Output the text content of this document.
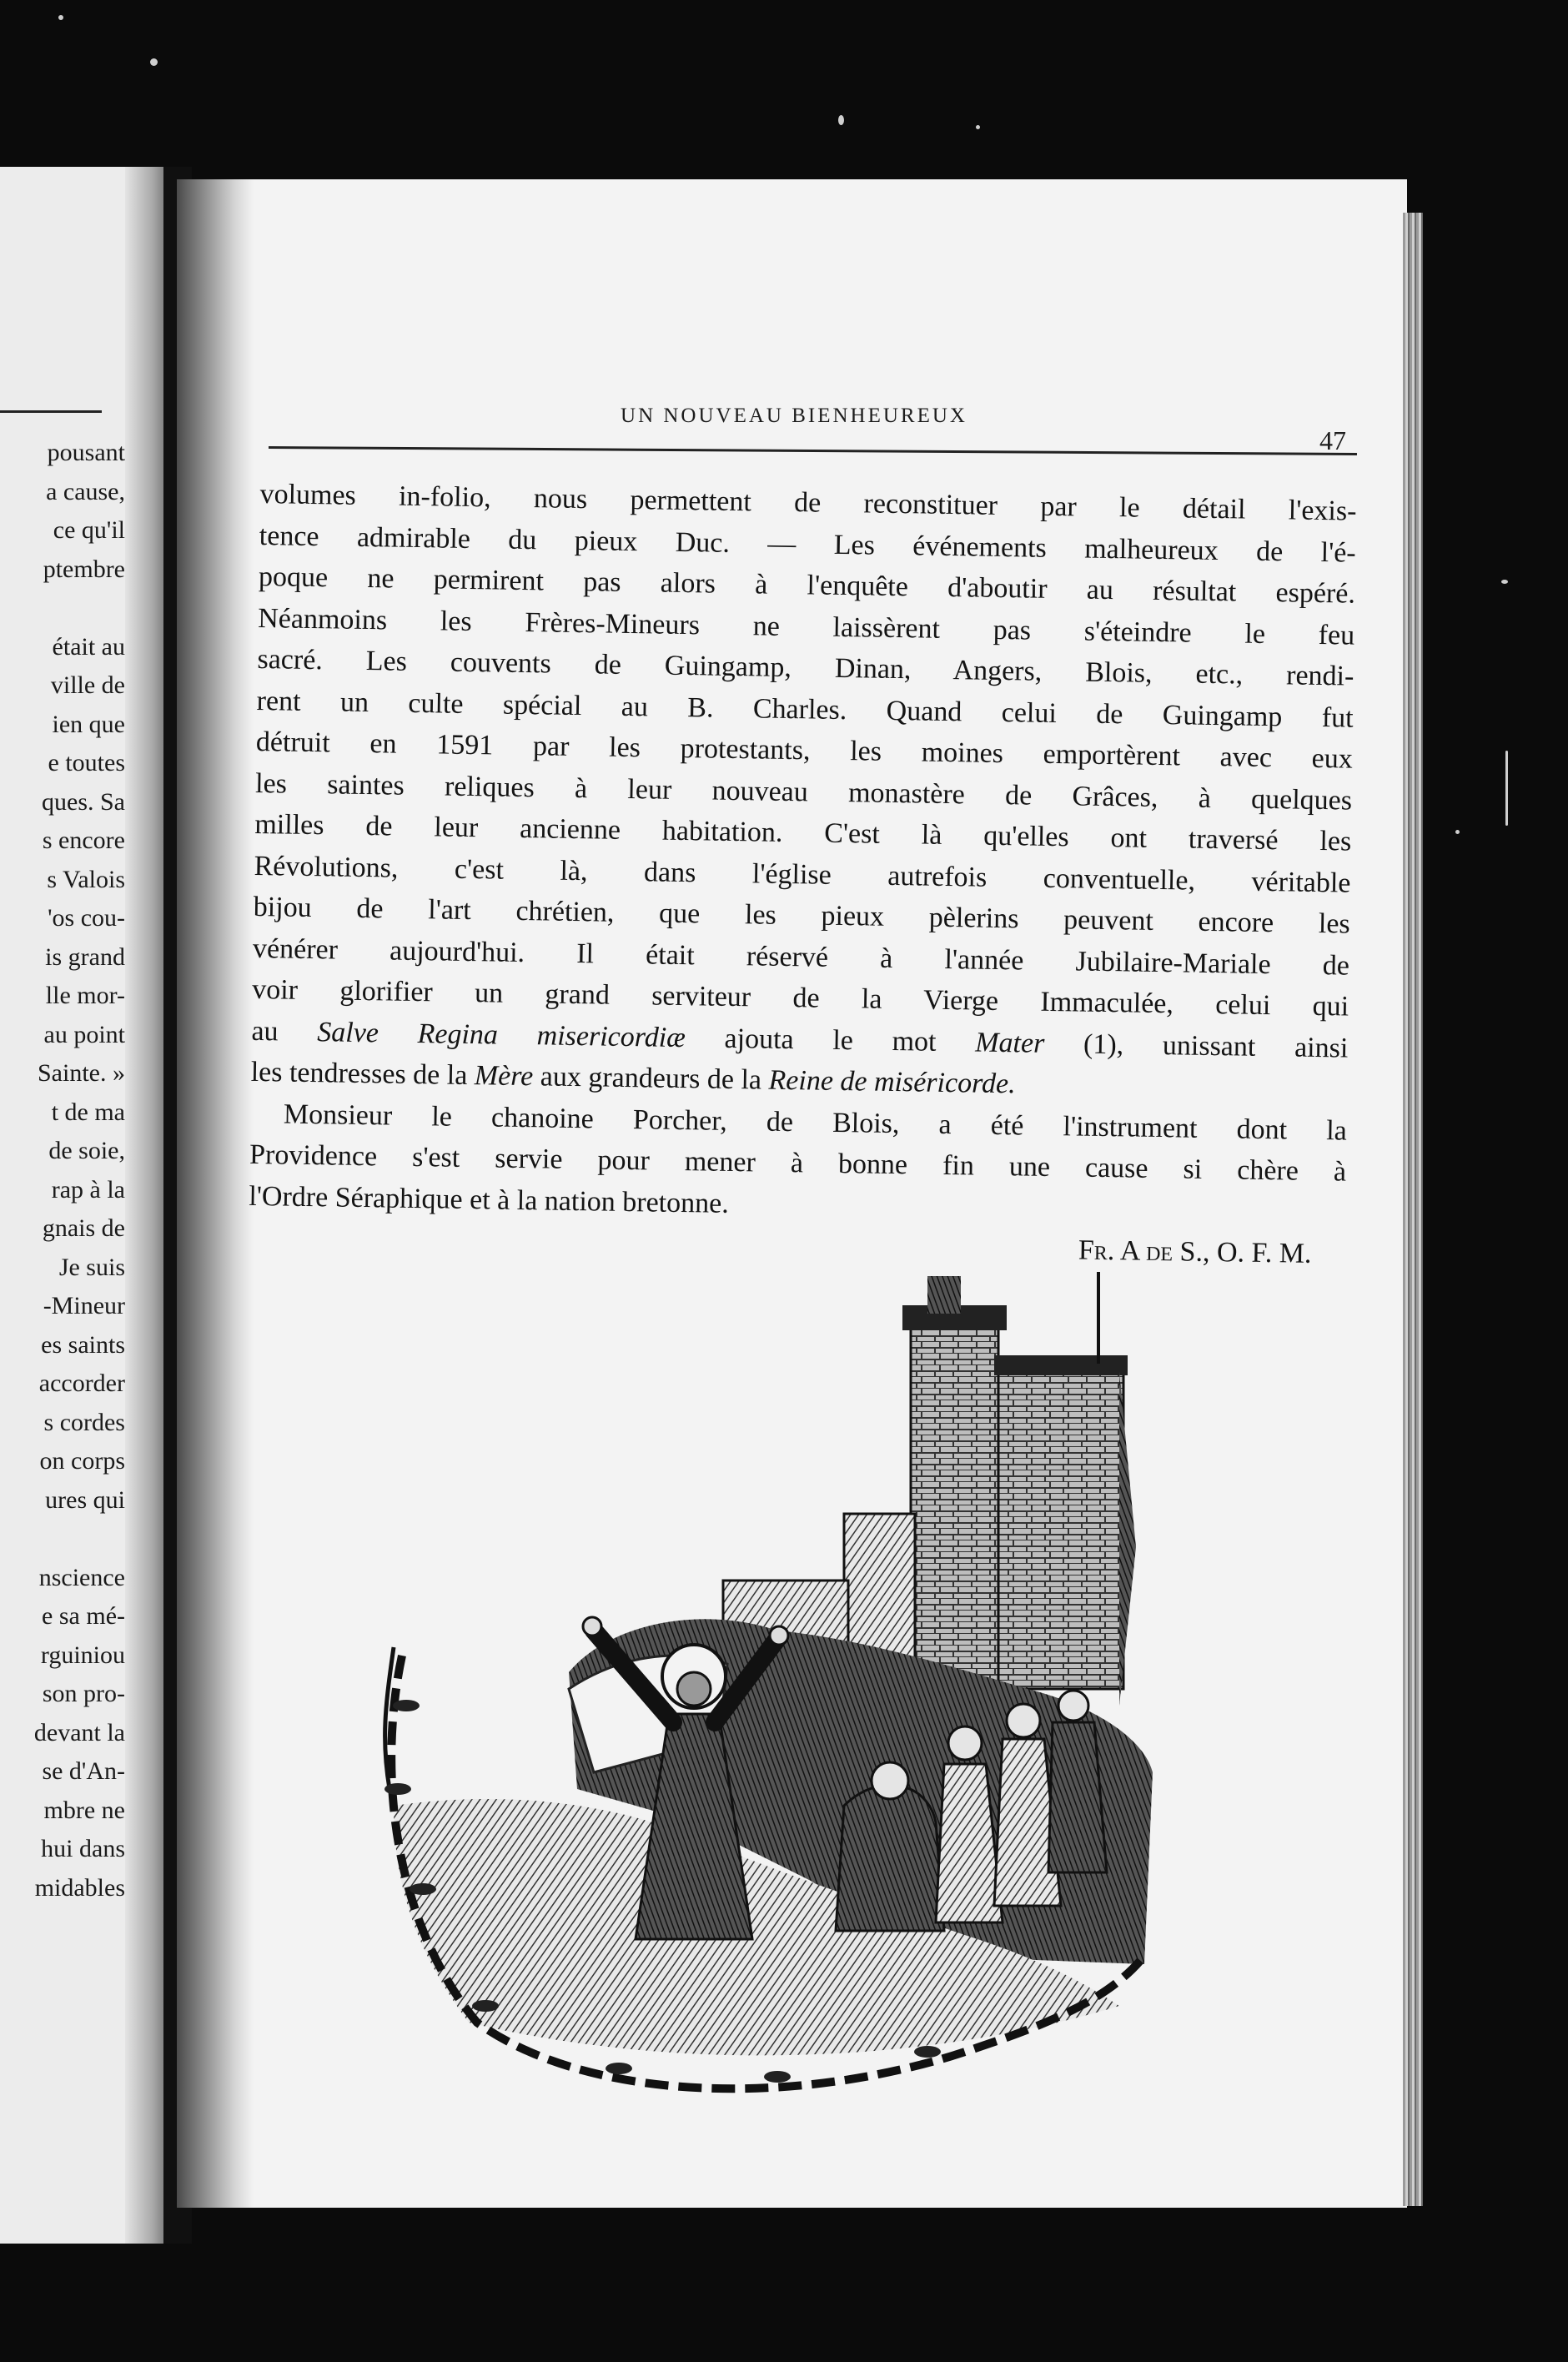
pousant
a cause,
ce qu'il
ptembre
était au
ville de
ien que
e toutes
ques. Sa
s encore
s Valois
'os cou-
is grand
lle mor-
au point
Sainte. »
t de ma
de soie,
rap à la
gnais de
Je suis
-Mineur
es saints
accorder
s cordes
on corps
ures qui
nscience
e sa mé-
rguiniou
son pro-
devant la
se d'An-
mbre ne
hui dans
midables
UN NOUVEAU BIENHEUREUX
47
volumes in-folio, nous permettent de reconstituer par le détail l'exis-
tence admirable du pieux Duc. — Les événements malheureux de l'é-
poque ne permirent pas alors à l'enquête d'aboutir au résultat espéré.
Néanmoins les Frères-Mineurs ne laissèrent pas s'éteindre le feu
sacré. Les couvents de Guingamp, Dinan, Angers, Blois, etc., rendi-
rent un culte spécial au B. Charles. Quand celui de Guingamp fut
détruit en 1591 par les protestants, les moines emportèrent avec eux
les saintes reliques à leur nouveau monastère de Grâces, à quelques
milles de leur ancienne habitation. C'est là qu'elles ont traversé les
Révolutions, c'est là, dans l'église autrefois conventuelle, véritable
bijou de l'art chrétien, que les pieux pèlerins peuvent encore les
vénérer aujourd'hui. Il était réservé à l'année Jubilaire-Mariale de
voir glorifier un grand serviteur de la Vierge Immaculée, celui qui
au Salve Regina misericordiæ ajouta le mot Mater (1), unissant ainsi
les tendresses de la Mère aux grandeurs de la Reine de miséricorde.
Monsieur le chanoine Porcher, de Blois, a été l'instrument dont la
Providence s'est servie pour mener à bonne fin une cause si chère à
l'Ordre Séraphique et à la nation bretonne.
Fr. A de S., O. F. M.
